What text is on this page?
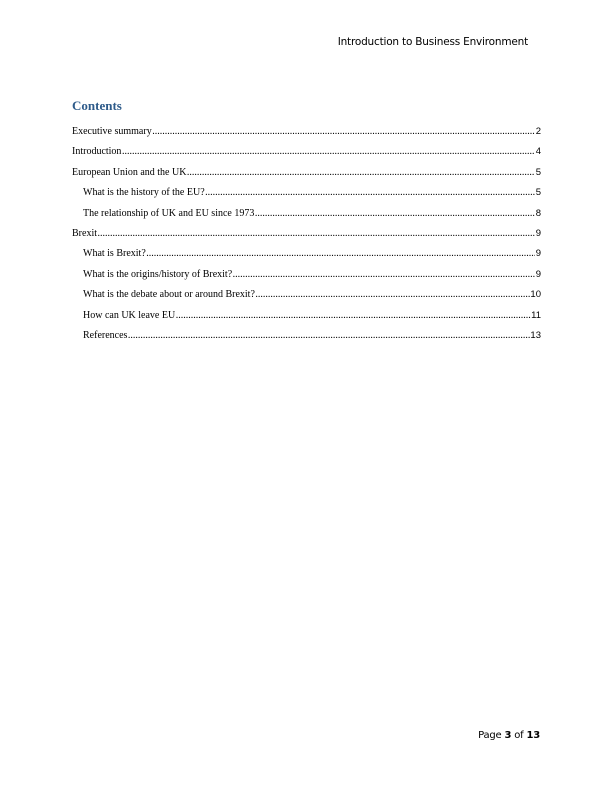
Introduction to Business Environment
Contents
Executive summary .....	2
Introduction .....	4
European Union and the UK .....	5
What is the history of the EU? .....	5
The relationship of UK and EU since 1973 .....	8
Brexit .....	9
What is Brexit? .....	9
What is the origins/history of Brexit? .....	9
What is the debate about or around Brexit? .....	10
How can UK leave EU .....	11
References .....	13
Page 3 of 13
